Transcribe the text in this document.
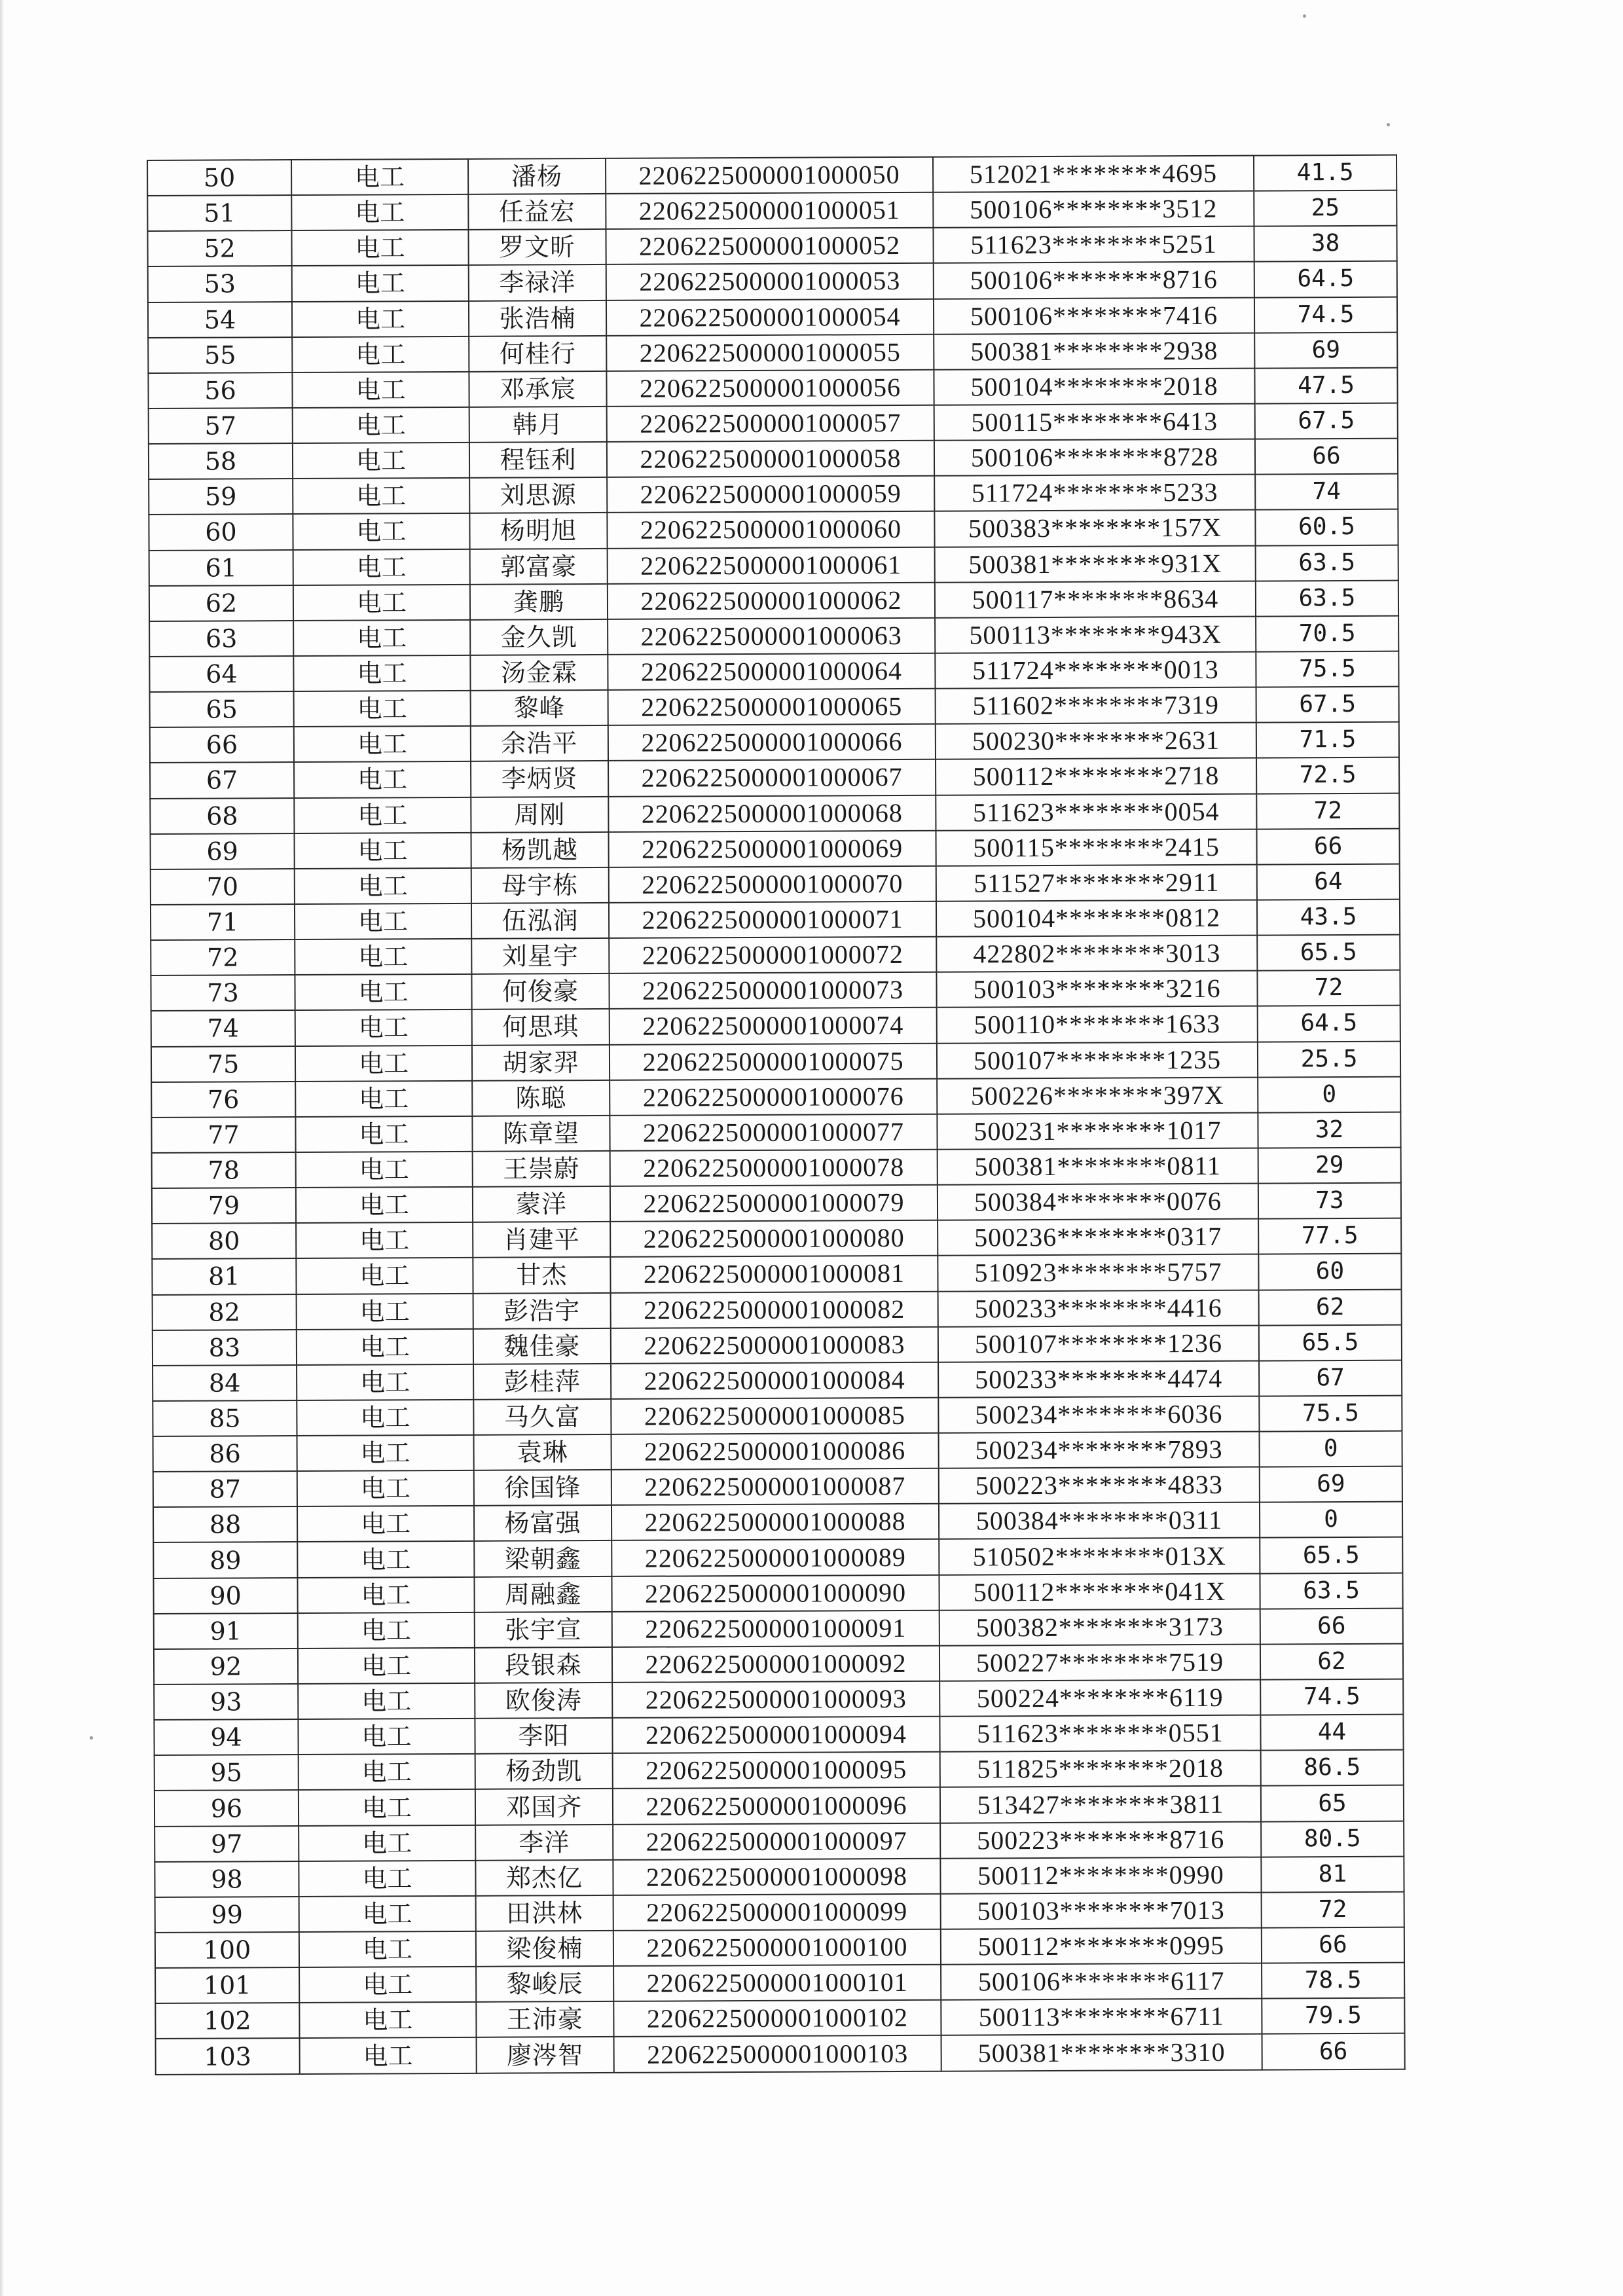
50	电工	潘杨	2206225000001000050	512021********4695	41.5
51	电工	任益宏	2206225000001000051	500106********3512	25
52	电工	罗文昕	2206225000001000052	511623********5251	38
53	电工	李禄洋	2206225000001000053	500106********8716	64.5
54	电工	张浩楠	2206225000001000054	500106********7416	74.5
55	电工	何桂行	2206225000001000055	500381********2938	69
56	电工	邓承宸	2206225000001000056	500104********2018	47.5
57	电工	韩月	2206225000001000057	500115********6413	67.5
58	电工	程钰利	2206225000001000058	500106********8728	66
59	电工	刘思源	2206225000001000059	511724********5233	74
60	电工	杨明旭	2206225000001000060	500383********157X	60.5
61	电工	郭富豪	2206225000001000061	500381********931X	63.5
62	电工	龚鹏	2206225000001000062	500117********8634	63.5
63	电工	金久凯	2206225000001000063	500113********943X	70.5
64	电工	汤金霖	2206225000001000064	511724********0013	75.5
65	电工	黎峰	2206225000001000065	511602********7319	67.5
66	电工	余浩平	2206225000001000066	500230********2631	71.5
67	电工	李炳贤	2206225000001000067	500112********2718	72.5
68	电工	周刚	2206225000001000068	511623********0054	72
69	电工	杨凯越	2206225000001000069	500115********2415	66
70	电工	母宇栋	2206225000001000070	511527********2911	64
71	电工	伍泓润	2206225000001000071	500104********0812	43.5
72	电工	刘星宇	2206225000001000072	422802********3013	65.5
73	电工	何俊豪	2206225000001000073	500103********3216	72
74	电工	何思琪	2206225000001000074	500110********1633	64.5
75	电工	胡家羿	2206225000001000075	500107********1235	25.5
76	电工	陈聪	2206225000001000076	500226********397X	0
77	电工	陈章望	2206225000001000077	500231********1017	32
78	电工	王崇蔚	2206225000001000078	500381********0811	29
79	电工	蒙洋	2206225000001000079	500384********0076	73
80	电工	肖建平	2206225000001000080	500236********0317	77.5
81	电工	甘杰	2206225000001000081	510923********5757	60
82	电工	彭浩宇	2206225000001000082	500233********4416	62
83	电工	魏佳豪	2206225000001000083	500107********1236	65.5
84	电工	彭桂萍	2206225000001000084	500233********4474	67
85	电工	马久富	2206225000001000085	500234********6036	75.5
86	电工	袁琳	2206225000001000086	500234********7893	0
87	电工	徐国锋	2206225000001000087	500223********4833	69
88	电工	杨富强	2206225000001000088	500384********0311	0
89	电工	梁朝鑫	2206225000001000089	510502********013X	65.5
90	电工	周融鑫	2206225000001000090	500112********041X	63.5
91	电工	张宇宣	2206225000001000091	500382********3173	66
92	电工	段银森	2206225000001000092	500227********7519	62
93	电工	欧俊涛	2206225000001000093	500224********6119	74.5
94	电工	李阳	2206225000001000094	511623********0551	44
95	电工	杨劲凯	2206225000001000095	511825********2018	86.5
96	电工	邓国齐	2206225000001000096	513427********3811	65
97	电工	李洋	2206225000001000097	500223********8716	80.5
98	电工	郑杰亿	2206225000001000098	500112********0990	81
99	电工	田洪林	2206225000001000099	500103********7013	72
100	电工	梁俊楠	2206225000001000100	500112********0995	66
101	电工	黎峻辰	2206225000001000101	500106********6117	78.5
102	电工	王沛豪	2206225000001000102	500113********6711	79.5
103	电工	廖涔智	2206225000001000103	500381********3310	66
